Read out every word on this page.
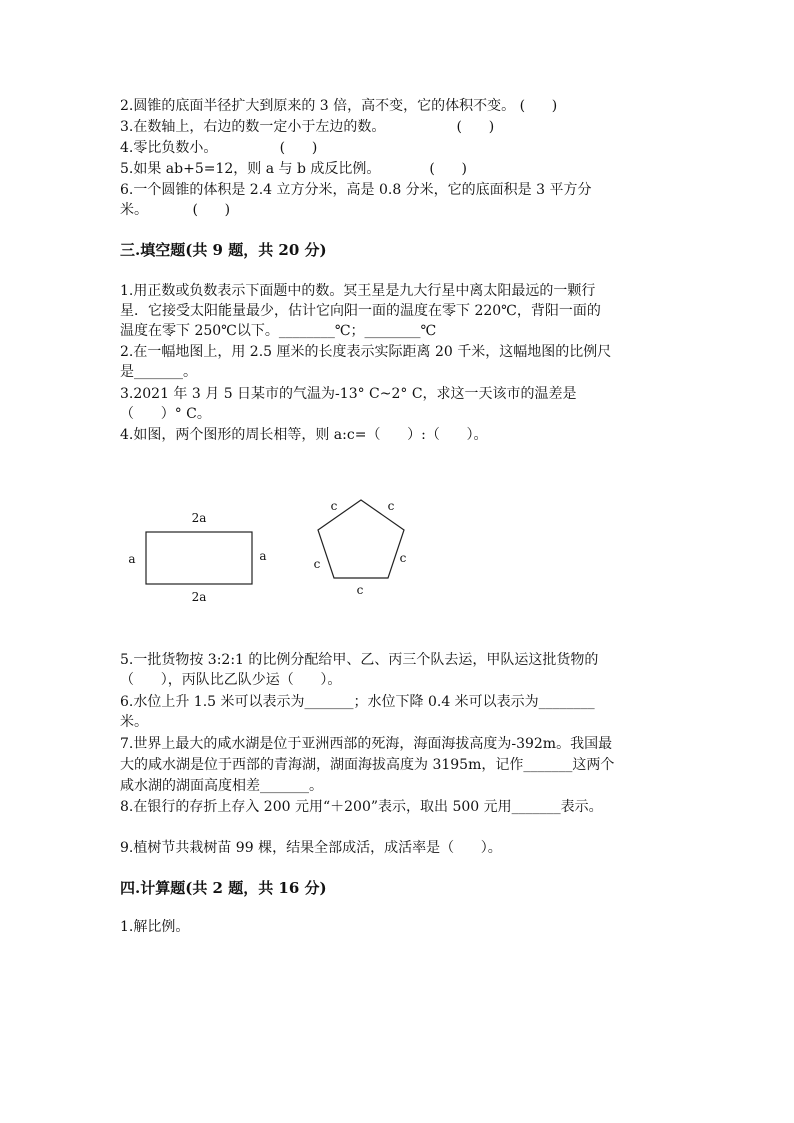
2.圆锥的底面半径扩大到原来的 3 倍，高不变，它的体积不变。 (      )
3.在数轴上，右边的数一定小于左边的数。                (      )
4.零比负数小。              (      )
5.如果 ab+5=12，则 a 与 b 成反比例。           (      )
6.一个圆锥的体积是 2.4 立方分米，高是 0.8 分米，它的底面积是 3 平方分
米。          (      )
三.填空题(共 9 题，共 20 分)
1.用正数或负数表示下面题中的数。冥王星是九大行星中离太阳最远的一颗行
星．它接受太阳能量最少，估计它向阳一面的温度在零下 220℃，背阳一面的
温度在零下 250℃以下。________℃；________℃
2.在一幅地图上，用 2.5 厘米的长度表示实际距离 20 千米，这幅地图的比例尺
是_______。
3.2021 年 3 月 5 日某市的气温为-13° C~2° C，求这一天该市的温差是
（      ）° C。
4.如图，两个图形的周长相等，则 a:c=（      ）:（      ）。
2a
2a
a	a
c	c
c	c
c
5.一批货物按 3:2:1 的比例分配给甲、乙、丙三个队去运，甲队运这批货物的
（      ），丙队比乙队少运（      ）。
6.水位上升 1.5 米可以表示为_______；水位下降 0.4 米可以表示为________
米。
7.世界上最大的咸水湖是位于亚洲西部的死海，海面海拔高度为-392m。我国最
大的咸水湖是位于西部的青海湖，湖面海拔高度为 3195m，记作_______这两个
咸水湖的湖面高度相差_______。
8.在银行的存折上存入 200 元用“＋200”表示，取出 500 元用_______表示。
9.植树节共栽树苗 99 棵，结果全部成活，成活率是（      ）。
四.计算题(共 2 题，共 16 分)
1.解比例。
